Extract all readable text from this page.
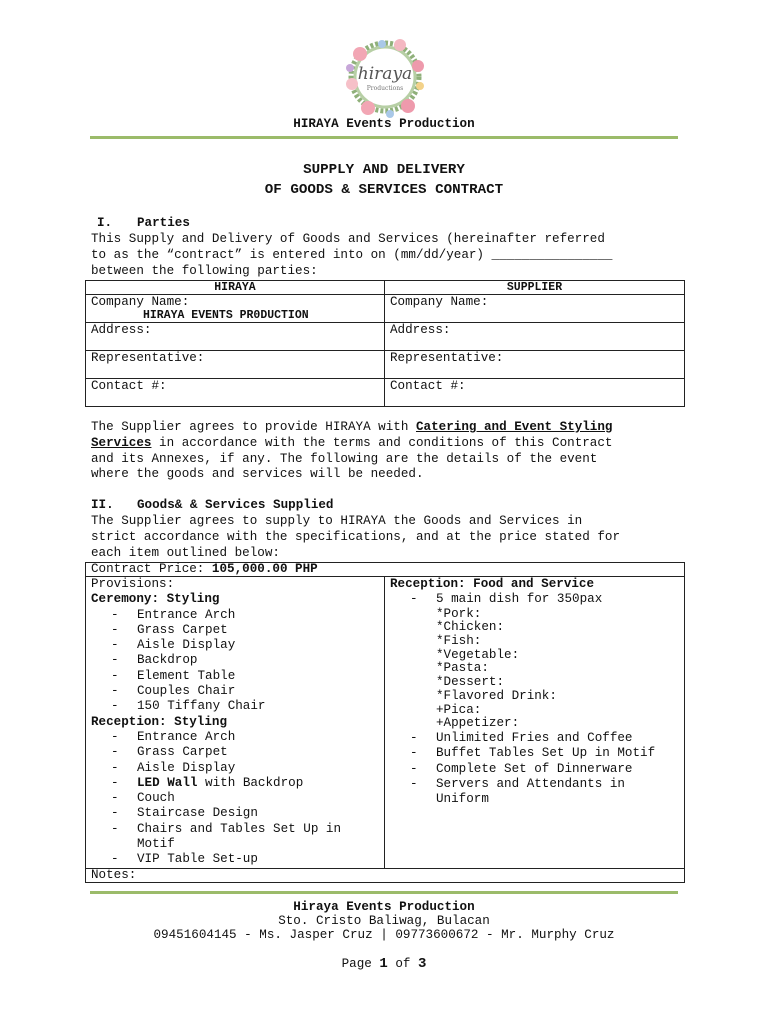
hiraya
Productions
HIRAYA Events Production
SUPPLY AND DELIVERY
OF GOODS & SERVICES CONTRACT
I. Parties
This Supply and Delivery of Goods and Services (hereinafter referred
to as the “contract” is entered into on (mm/dd/year) ________________
between the following parties:
HIRAYA	SUPPLIER

Company Name:
HIRAYA EVENTS PR0DUCTION	Company Name:
Address:	Address:
Representative:	Representative:
Contact #:	Contact #:
The Supplier agrees to provide HIRAYA with Catering and Event Styling
Services in accordance with the terms and conditions of this Contract
and its Annexes, if any. The following are the details of the event
where the goods and services will be needed.
II. Goods& & Services Supplied
The Supplier agrees to supply to HIRAYA the Goods and Services in
strict accordance with the specifications, and at the price stated for
each item outlined below:
Contract Price: 105,000.00 PHP

Provisions:
Ceremony: Styling
- Entrance Arch
- Grass Carpet
- Aisle Display
- Backdrop
- Element Table
- Couples Chair
- 150 Tiffany Chair
Reception: Styling
- Entrance Arch
- Grass Carpet
- Aisle Display
- LED Wall with Backdrop
- Couch
- Staircase Design
- Chairs and Tables Set Up in Motif
- VIP Table Set-up

Reception: Food and Service
- 5 main dish for 350pax
*Pork:
*Chicken:
*Fish:
*Vegetable:
*Pasta:
*Dessert:
*Flavored Drink:
+Pica:
+Appetizer:
- Unlimited Fries and Coffee
- Buffet Tables Set Up in Motif
- Complete Set of Dinnerware
- Servers and Attendants in Uniform

Notes:
Hiraya Events Production
Sto. Cristo Baliwag, Bulacan
09451604145 - Ms. Jasper Cruz | 09773600672 - Mr. Murphy Cruz
Page 1 of 3
